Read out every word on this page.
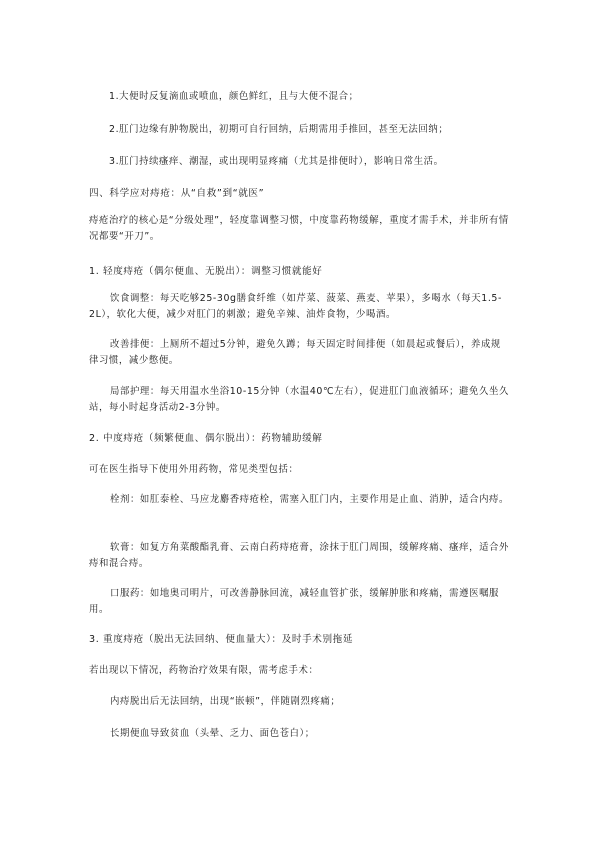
1.大便时反复滴血或喷血，颜色鲜红，且与大便不混合；
2.肛门边缘有肿物脱出，初期可自行回纳，后期需用手推回，甚至无法回纳；
3.肛门持续瘙痒、潮湿，或出现明显疼痛（尤其是排便时），影响日常生活。
四、科学应对痔疮：从“自救”到“就医”
痔疮治疗的核心是“分级处理”，轻度靠调整习惯，中度靠药物缓解，重度才需手术，并非所有情况都要“开刀”。
1. 轻度痔疮（偶尔便血、无脱出）：调整习惯就能好
饮食调整：每天吃够25-30g膳食纤维（如芹菜、菠菜、燕麦、苹果），多喝水（每天1.5-2L），软化大便，减少对肛门的刺激；避免辛辣、油炸食物，少喝酒。
改善排便：上厕所不超过5分钟，避免久蹲；每天固定时间排便（如晨起或餐后），养成规律习惯，减少憋便。
局部护理：每天用温水坐浴10-15分钟（水温40℃左右），促进肛门血液循环；避免久坐久站，每小时起身活动2-3分钟。
2. 中度痔疮（频繁便血、偶尔脱出）：药物辅助缓解
可在医生指导下使用外用药物，常见类型包括：
栓剂：如肛泰栓、马应龙麝香痔疮栓，需塞入肛门内，主要作用是止血、消肿，适合内痔。
软膏：如复方角菜酸酯乳膏、云南白药痔疮膏，涂抹于肛门周围，缓解疼痛、瘙痒，适合外痔和混合痔。
口服药：如地奥司明片，可改善静脉回流，减轻血管扩张，缓解肿胀和疼痛，需遵医嘱服用。
3. 重度痔疮（脱出无法回纳、便血量大）：及时手术别拖延
若出现以下情况，药物治疗效果有限，需考虑手术：
内痔脱出后无法回纳，出现“嵌顿”，伴随剧烈疼痛；
长期便血导致贫血（头晕、乏力、面色苍白）；
